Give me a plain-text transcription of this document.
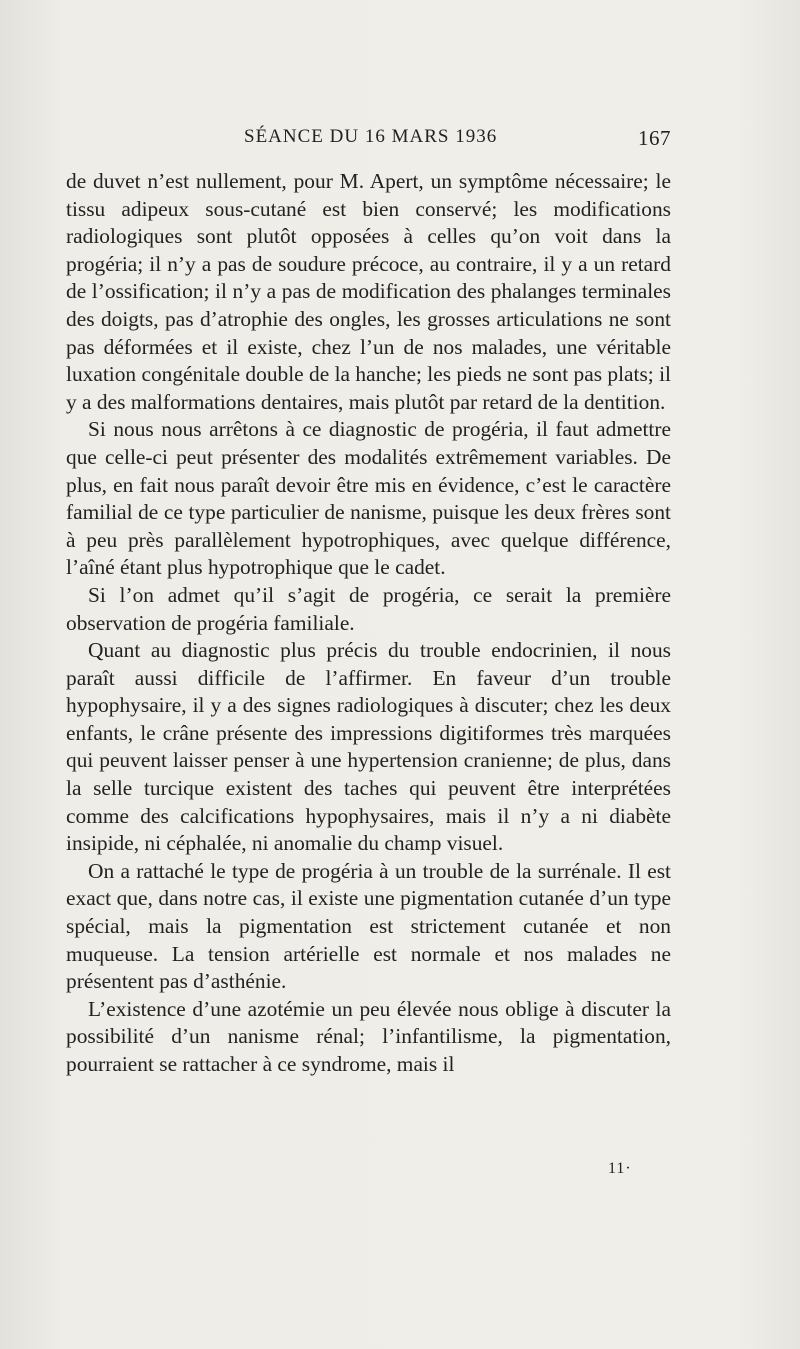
SÉANCE DU 16 MARS 1936	167

de duvet n’est nullement, pour M. Apert, un symptôme nécessaire; le tissu adipeux sous-cutané est bien conservé; les modifications radiologiques sont plutôt opposées à celles qu’on voit dans la progéria; il n’y a pas de soudure précoce, au contraire, il y a un retard de l’ossification; il n’y a pas de modification des phalanges terminales des doigts, pas d’atrophie des ongles, les grosses articulations ne sont pas déformées et il existe, chez l’un de nos malades, une véritable luxation congénitale double de la hanche; les pieds ne sont pas plats; il y a des malformations dentaires, mais plutôt par retard de la dentition.

Si nous nous arrêtons à ce diagnostic de progéria, il faut admettre que celle-ci peut présenter des modalités extrêmement variables. De plus, en fait nous paraît devoir être mis en évidence, c’est le caractère familial de ce type particulier de nanisme, puisque les deux frères sont à peu près parallèlement hypotrophiques, avec quelque différence, l’aîné étant plus hypotrophique que le cadet.

Si l’on admet qu’il s’agit de progéria, ce serait la première observation de progéria familiale.

Quant au diagnostic plus précis du trouble endocrinien, il nous paraît aussi difficile de l’affirmer. En faveur d’un trouble hypophysaire, il y a des signes radiologiques à discuter; chez les deux enfants, le crâne présente des impressions digitiformes très marquées qui peuvent laisser penser à une hypertension cranienne; de plus, dans la selle turcique existent des taches qui peuvent être interprétées comme des calcifications hypophysaires, mais il n’y a ni diabète insipide, ni céphalée, ni anomalie du champ visuel.

On a rattaché le type de progéria à un trouble de la surrénale. Il est exact que, dans notre cas, il existe une pigmentation cutanée d’un type spécial, mais la pigmentation est strictement cutanée et non muqueuse. La tension artérielle est normale et nos malades ne présentent pas d’asthénie.

L’existence d’une azotémie un peu élevée nous oblige à discuter la possibilité d’un nanisme rénal; l’infantilisme, la pigmentation, pourraient se rattacher à ce syndrome, mais il

11·
